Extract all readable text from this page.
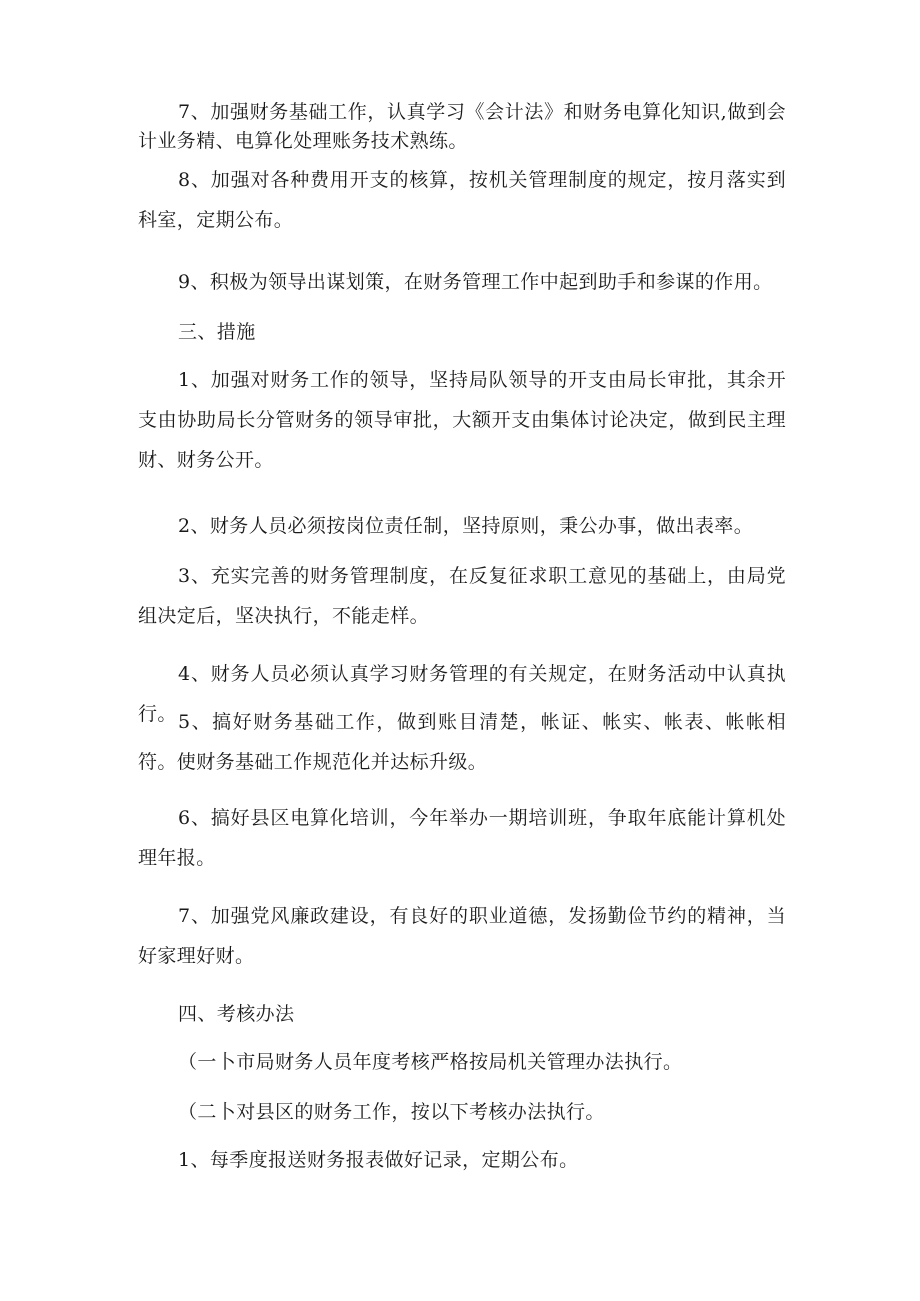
7、加强财务基础工作，认真学习《会计法》和财务电算化知识,做到会计业务精、电算化处理账务技术熟练。

8、加强对各种费用开支的核算，按机关管理制度的规定，按月落实到科室，定期公布。

9、积极为领导出谋划策，在财务管理工作中起到助手和参谋的作用。

三、措施

1、加强对财务工作的领导，坚持局队领导的开支由局长审批，其余开支由协助局长分管财务的领导审批，大额开支由集体讨论决定，做到民主理财、财务公开。

2、财务人员必须按岗位责任制，坚持原则，秉公办事，做出表率。

3、充实完善的财务管理制度，在反复征求职工意见的基础上，由局党组决定后，坚决执行，不能走样。

4、财务人员必须认真学习财务管理的有关规定，在财务活动中认真执行。 5、搞好财务基础工作，做到账目清楚，帐证、帐实、帐表、帐帐相符。使财务基础工作规范化并达标升级。

6、搞好县区电算化培训，今年举办一期培训班，争取年底能计算机处理年报。

7、加强党风廉政建设，有良好的职业道德，发扬勤俭节约的精神，当好家理好财。

四、考核办法

（一卜市局财务人员年度考核严格按局机关管理办法执行。

（二卜对县区的财务工作，按以下考核办法执行。

1、每季度报送财务报表做好记录，定期公布。
